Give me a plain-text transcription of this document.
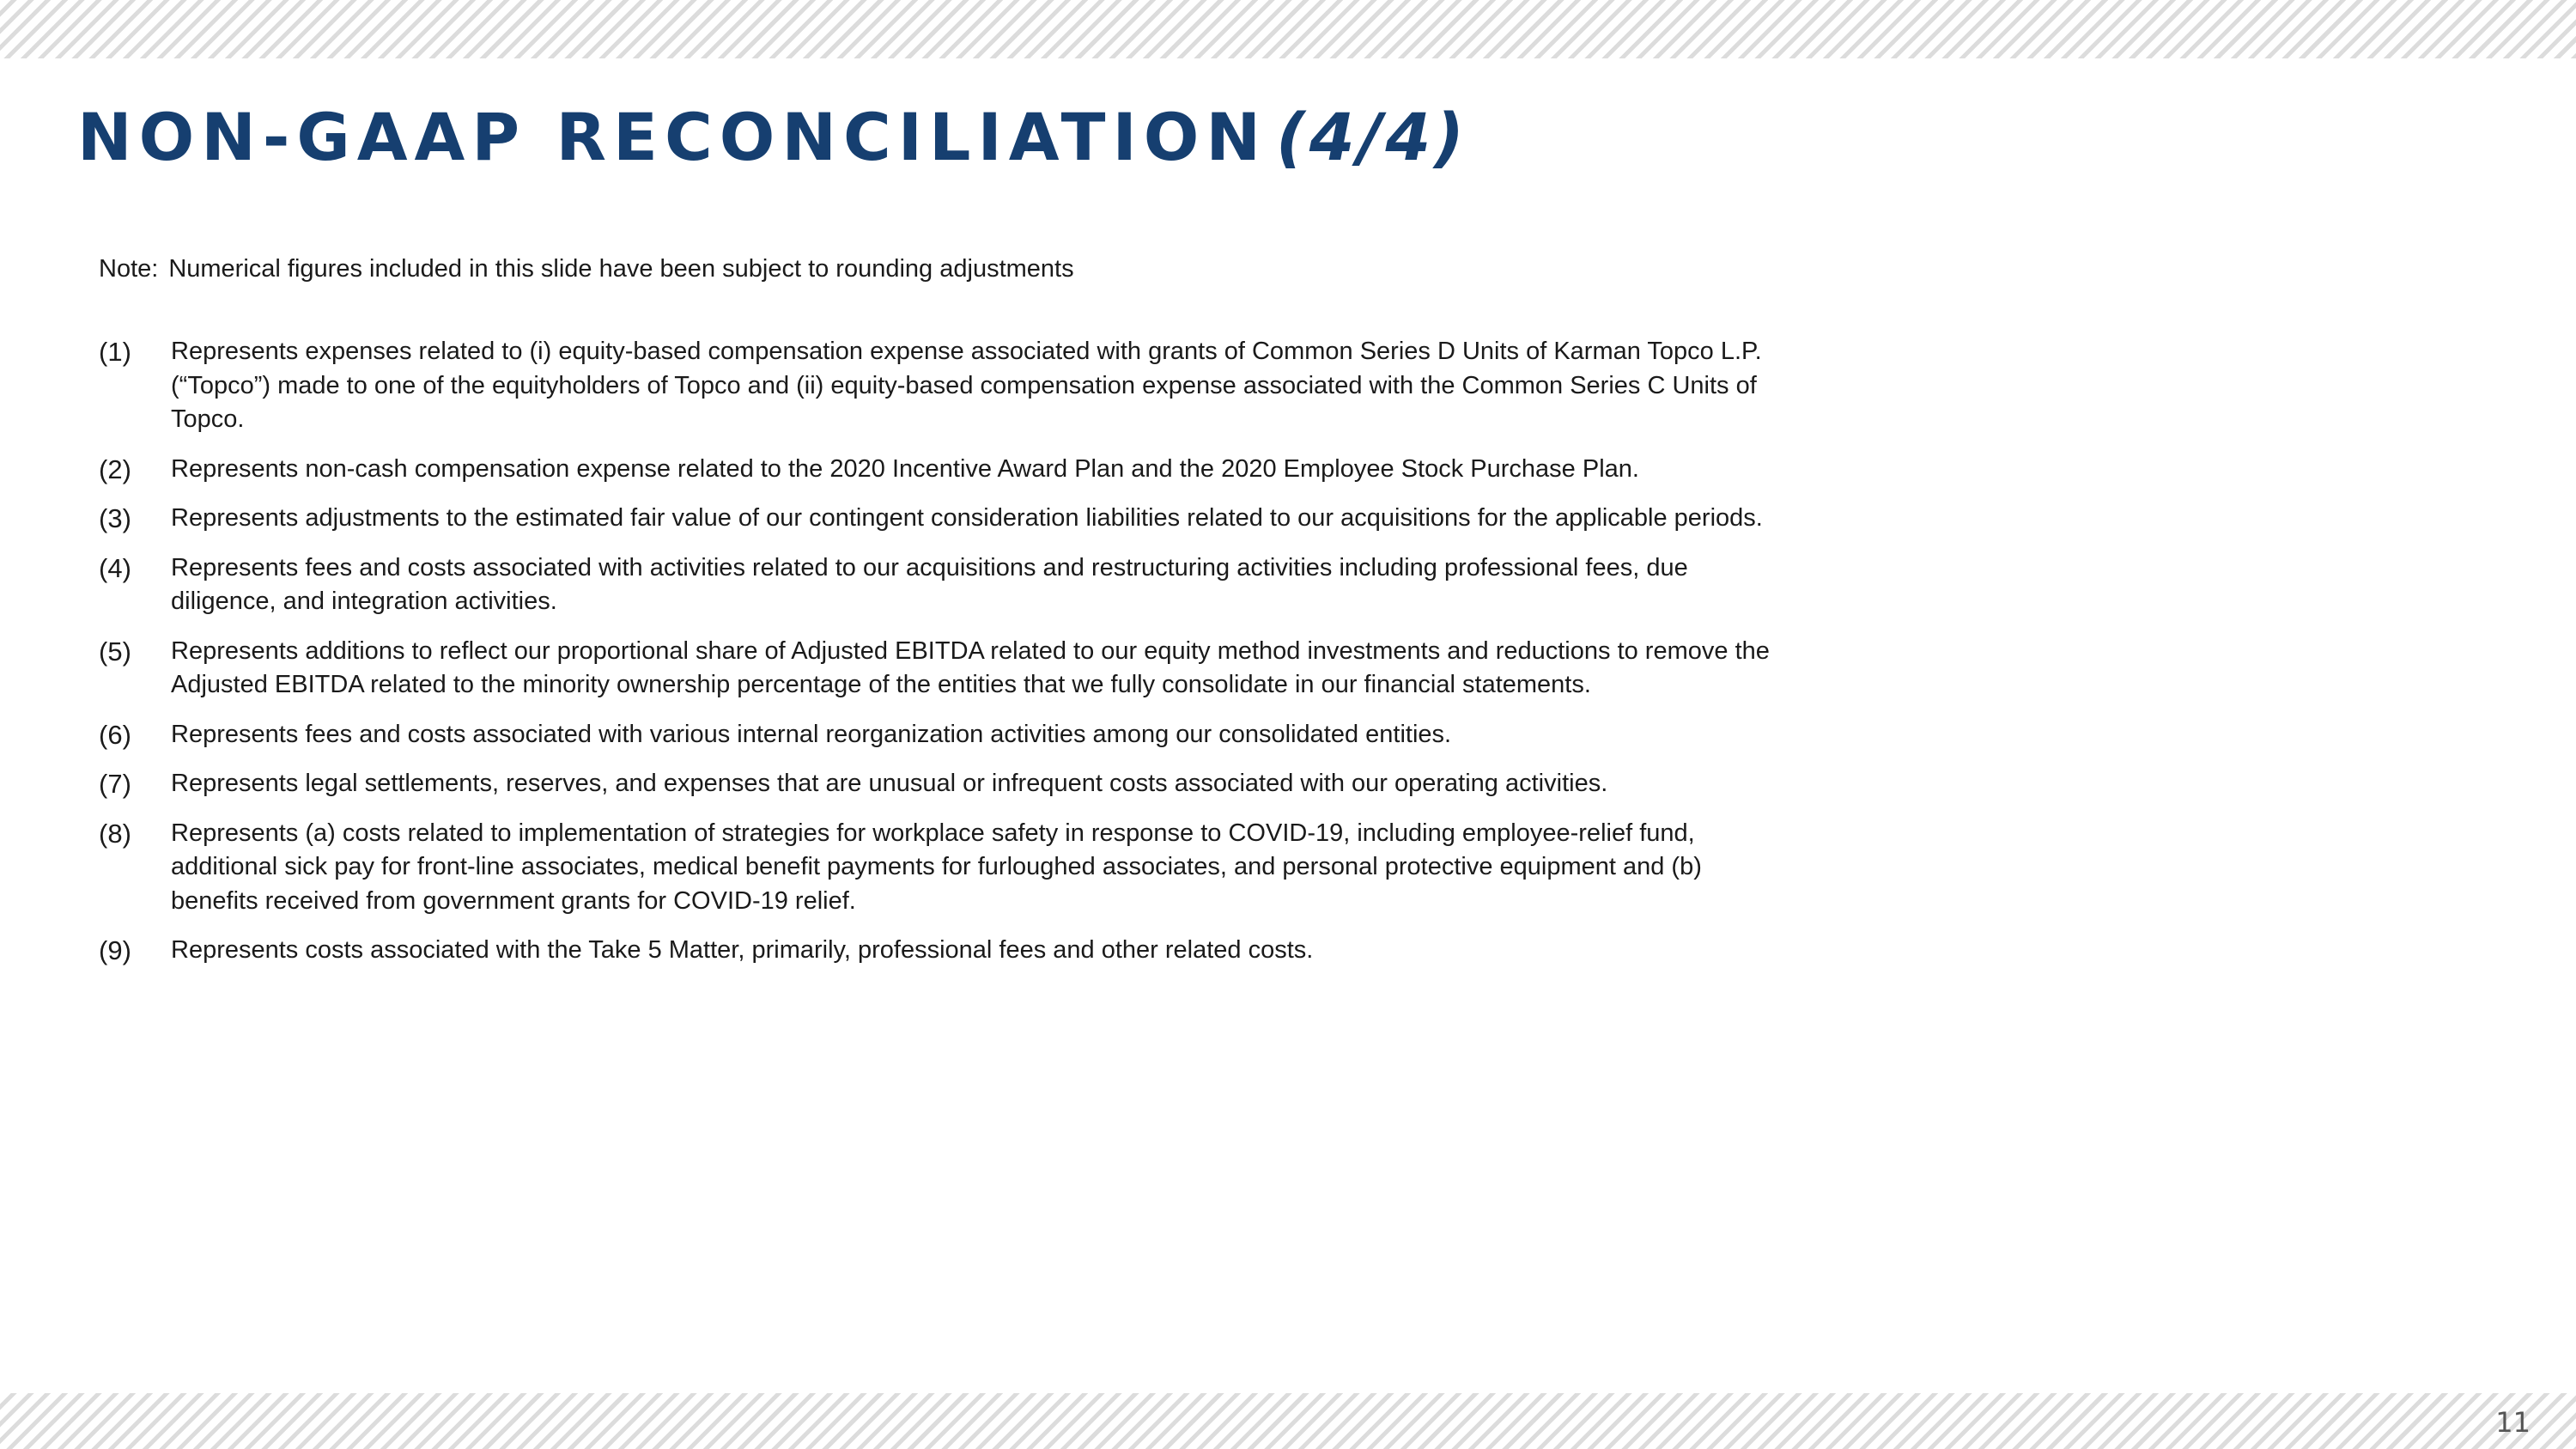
NON-GAAP RECONCILIATION (4/4)
Note: Numerical figures included in this slide have been subject to rounding adjustments
(1)	Represents expenses related to (i) equity-based compensation expense associated with grants of Common Series D Units of Karman Topco L.P. (“Topco”) made to one of the equityholders of Topco and (ii) equity-based compensation expense associated with the Common Series C Units of Topco.
(2)	Represents non-cash compensation expense related to the 2020 Incentive Award Plan and the 2020 Employee Stock Purchase Plan.
(3)	Represents adjustments to the estimated fair value of our contingent consideration liabilities related to our acquisitions for the applicable periods.
(4)	Represents fees and costs associated with activities related to our acquisitions and restructuring activities including professional fees, due diligence, and integration activities.
(5)	Represents additions to reflect our proportional share of Adjusted EBITDA related to our equity method investments and reductions to remove the Adjusted EBITDA related to the minority ownership percentage of the entities that we fully consolidate in our financial statements.
(6)	Represents fees and costs associated with various internal reorganization activities among our consolidated entities.
(7)	Represents legal settlements, reserves, and expenses that are unusual or infrequent costs associated with our operating activities.
(8)	Represents (a) costs related to implementation of strategies for workplace safety in response to COVID-19, including employee-relief fund, additional sick pay for front-line associates, medical benefit payments for furloughed associates, and personal protective equipment and (b) benefits received from government grants for COVID-19 relief.
(9)	Represents costs associated with the Take 5 Matter, primarily, professional fees and other related costs.
11
